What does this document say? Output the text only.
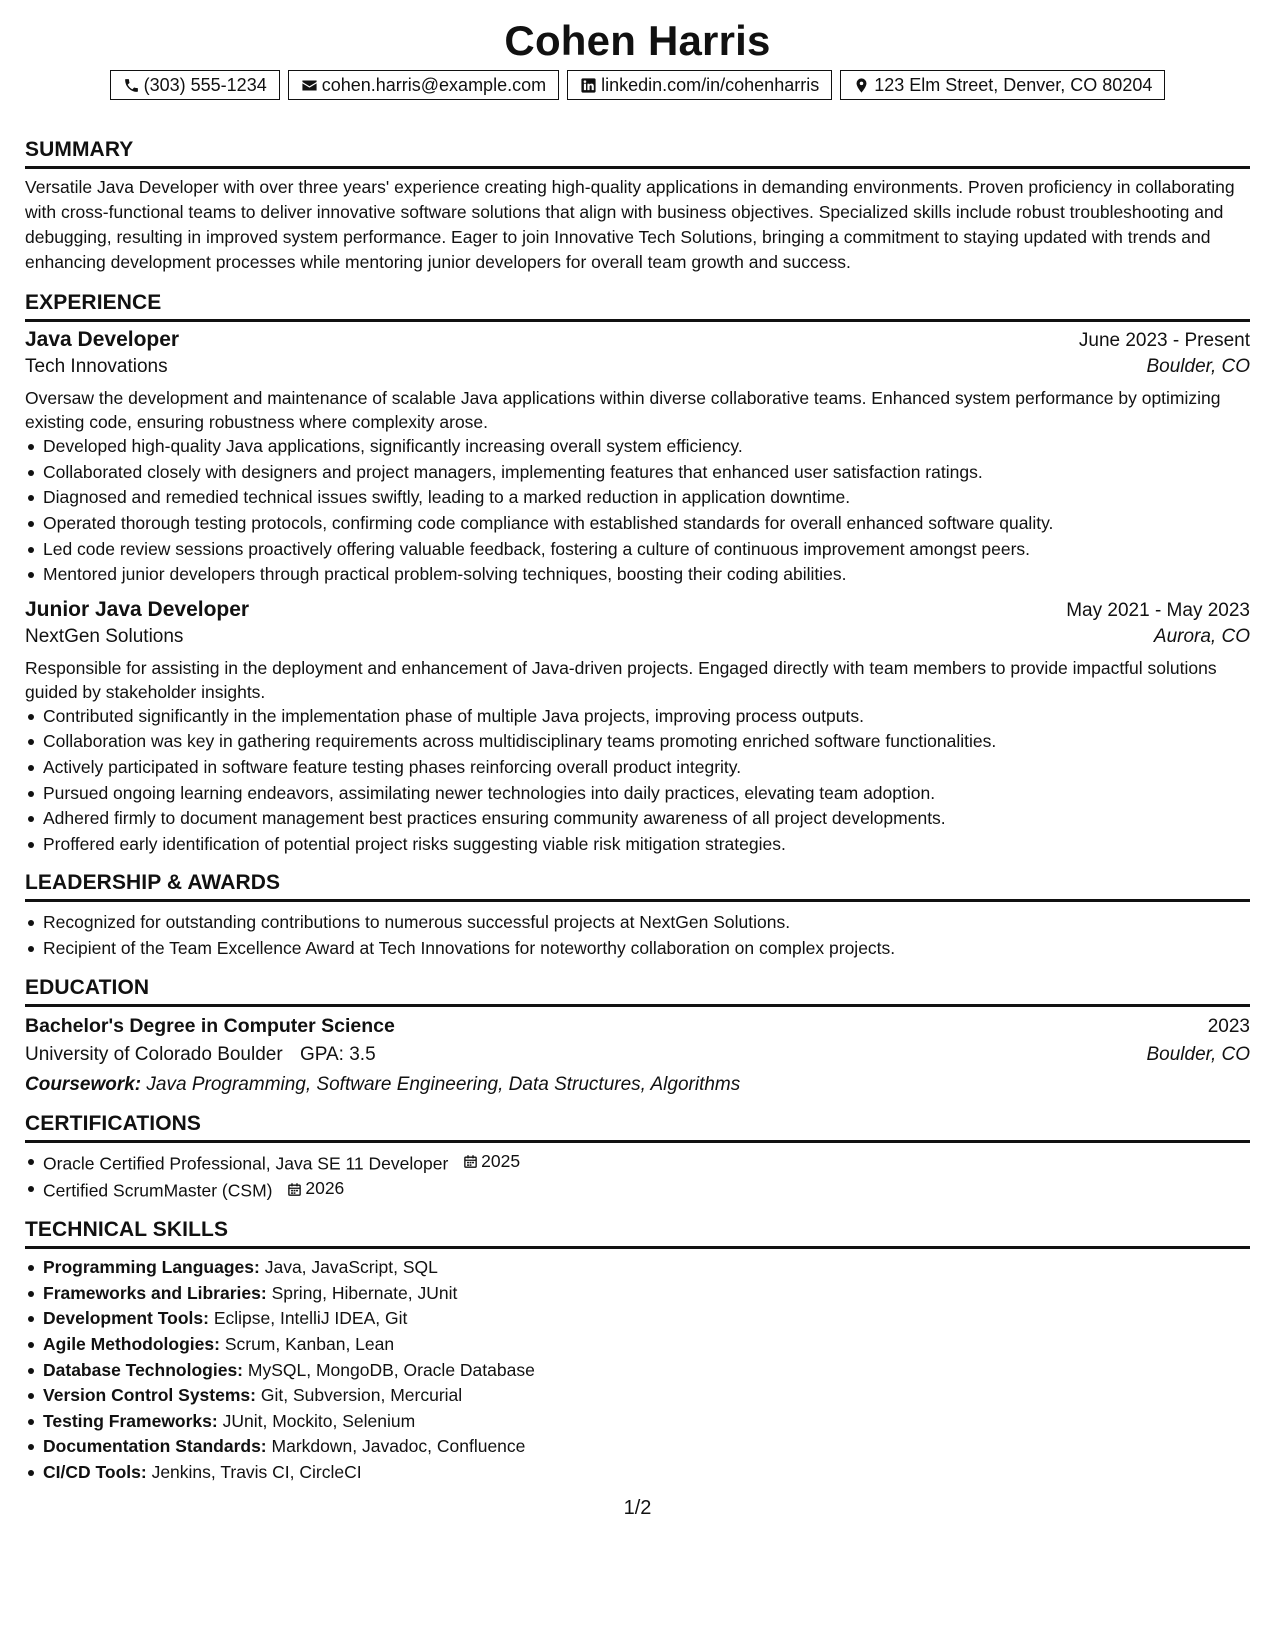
Cohen Harris
(303) 555-1234	cohen.harris@example.com	linkedin.com/in/cohenharris	123 Elm Street, Denver, CO 80204
SUMMARY
Versatile Java Developer with over three years' experience creating high-quality applications in demanding environments. Proven proficiency in collaborating with cross-functional teams to deliver innovative software solutions that align with business objectives. Specialized skills include robust troubleshooting and debugging, resulting in improved system performance. Eager to join Innovative Tech Solutions, bringing a commitment to staying updated with trends and enhancing development processes while mentoring junior developers for overall team growth and success.
EXPERIENCE
Java Developer	June 2023 - Present
Tech Innovations	Boulder, CO
Oversaw the development and maintenance of scalable Java applications within diverse collaborative teams. Enhanced system performance by optimizing existing code, ensuring robustness where complexity arose.
Developed high-quality Java applications, significantly increasing overall system efficiency.
Collaborated closely with designers and project managers, implementing features that enhanced user satisfaction ratings.
Diagnosed and remedied technical issues swiftly, leading to a marked reduction in application downtime.
Operated thorough testing protocols, confirming code compliance with established standards for overall enhanced software quality.
Led code review sessions proactively offering valuable feedback, fostering a culture of continuous improvement amongst peers.
Mentored junior developers through practical problem-solving techniques, boosting their coding abilities.
Junior Java Developer	May 2021 - May 2023
NextGen Solutions	Aurora, CO
Responsible for assisting in the deployment and enhancement of Java-driven projects. Engaged directly with team members to provide impactful solutions guided by stakeholder insights.
Contributed significantly in the implementation phase of multiple Java projects, improving process outputs.
Collaboration was key in gathering requirements across multidisciplinary teams promoting enriched software functionalities.
Actively participated in software feature testing phases reinforcing overall product integrity.
Pursued ongoing learning endeavors, assimilating newer technologies into daily practices, elevating team adoption.
Adhered firmly to document management best practices ensuring community awareness of all project developments.
Proffered early identification of potential project risks suggesting viable risk mitigation strategies.
LEADERSHIP & AWARDS
Recognized for outstanding contributions to numerous successful projects at NextGen Solutions.
Recipient of the Team Excellence Award at Tech Innovations for noteworthy collaboration on complex projects.
EDUCATION
Bachelor's Degree in Computer Science	2023
University of Colorado Boulder GPA: 3.5	Boulder, CO
Coursework: Java Programming, Software Engineering, Data Structures, Algorithms
CERTIFICATIONS
Oracle Certified Professional, Java SE 11 Developer 2025
Certified ScrumMaster (CSM) 2026
TECHNICAL SKILLS
Programming Languages: Java, JavaScript, SQL
Frameworks and Libraries: Spring, Hibernate, JUnit
Development Tools: Eclipse, IntelliJ IDEA, Git
Agile Methodologies: Scrum, Kanban, Lean
Database Technologies: MySQL, MongoDB, Oracle Database
Version Control Systems: Git, Subversion, Mercurial
Testing Frameworks: JUnit, Mockito, Selenium
Documentation Standards: Markdown, Javadoc, Confluence
CI/CD Tools: Jenkins, Travis CI, CircleCI
1/2
